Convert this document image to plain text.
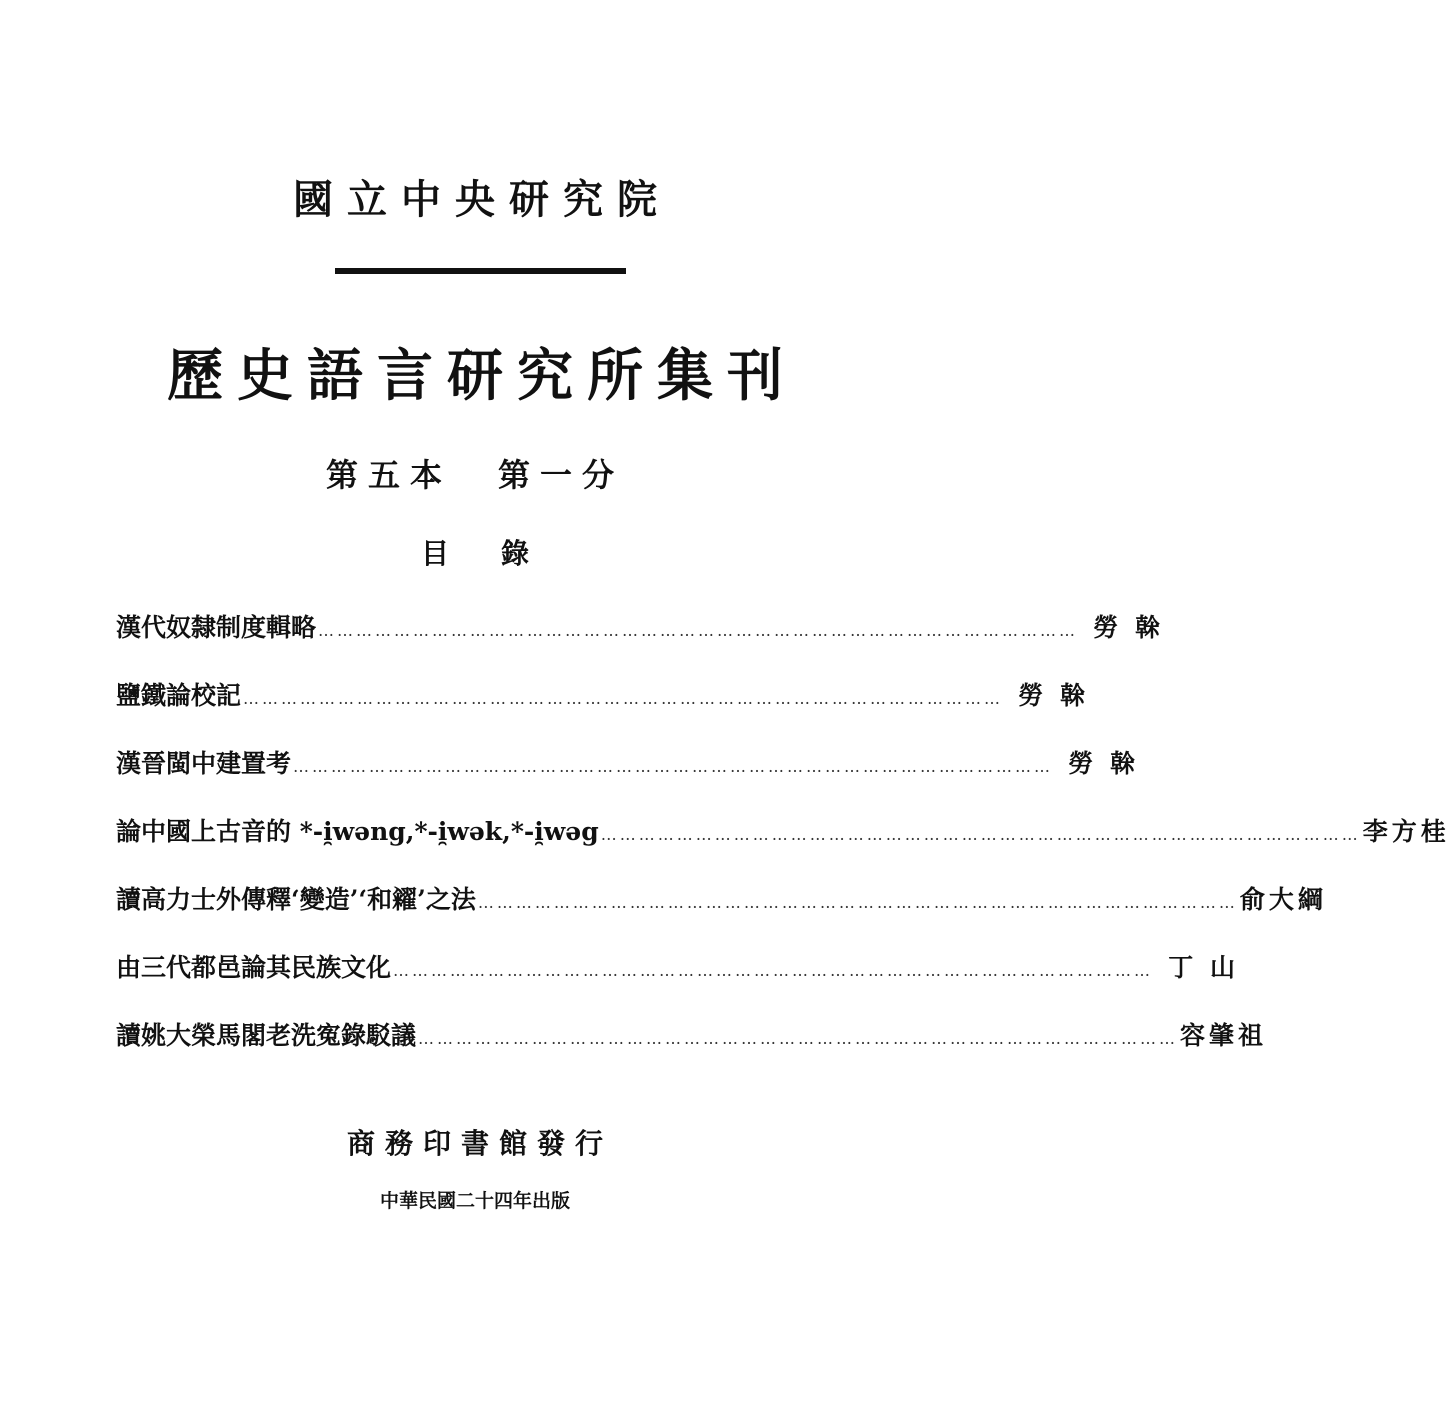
國立中央研究院
歷史語言研究所集刊
第五本 第一分
目錄
漢代奴隸制度輯略 ………………………………………………………………………………………………………… 勞 榦
鹽鐵論校記 ………………………………………………………………………………………………………… 勞 榦
漢晉閩中建置考 ………………………………………………………………………………………………………… 勞 榦
論中國上古音的 *-i̯wəng,*-i̯wək,*-i̯wəg ………………………………………………………………………………………………………… 李方桂
讀高力士外傳釋‘變造’‘和糴’之法 ………………………………………………………………………………………………………… 俞大綱
由三代都邑論其民族文化 ………………………………………………………………………………………………………… 丁 山
讀姚大榮馬閣老洗寃錄駁議 ………………………………………………………………………………………………………… 容肇祖
商務印書館發行
中華民國二十四年出版
